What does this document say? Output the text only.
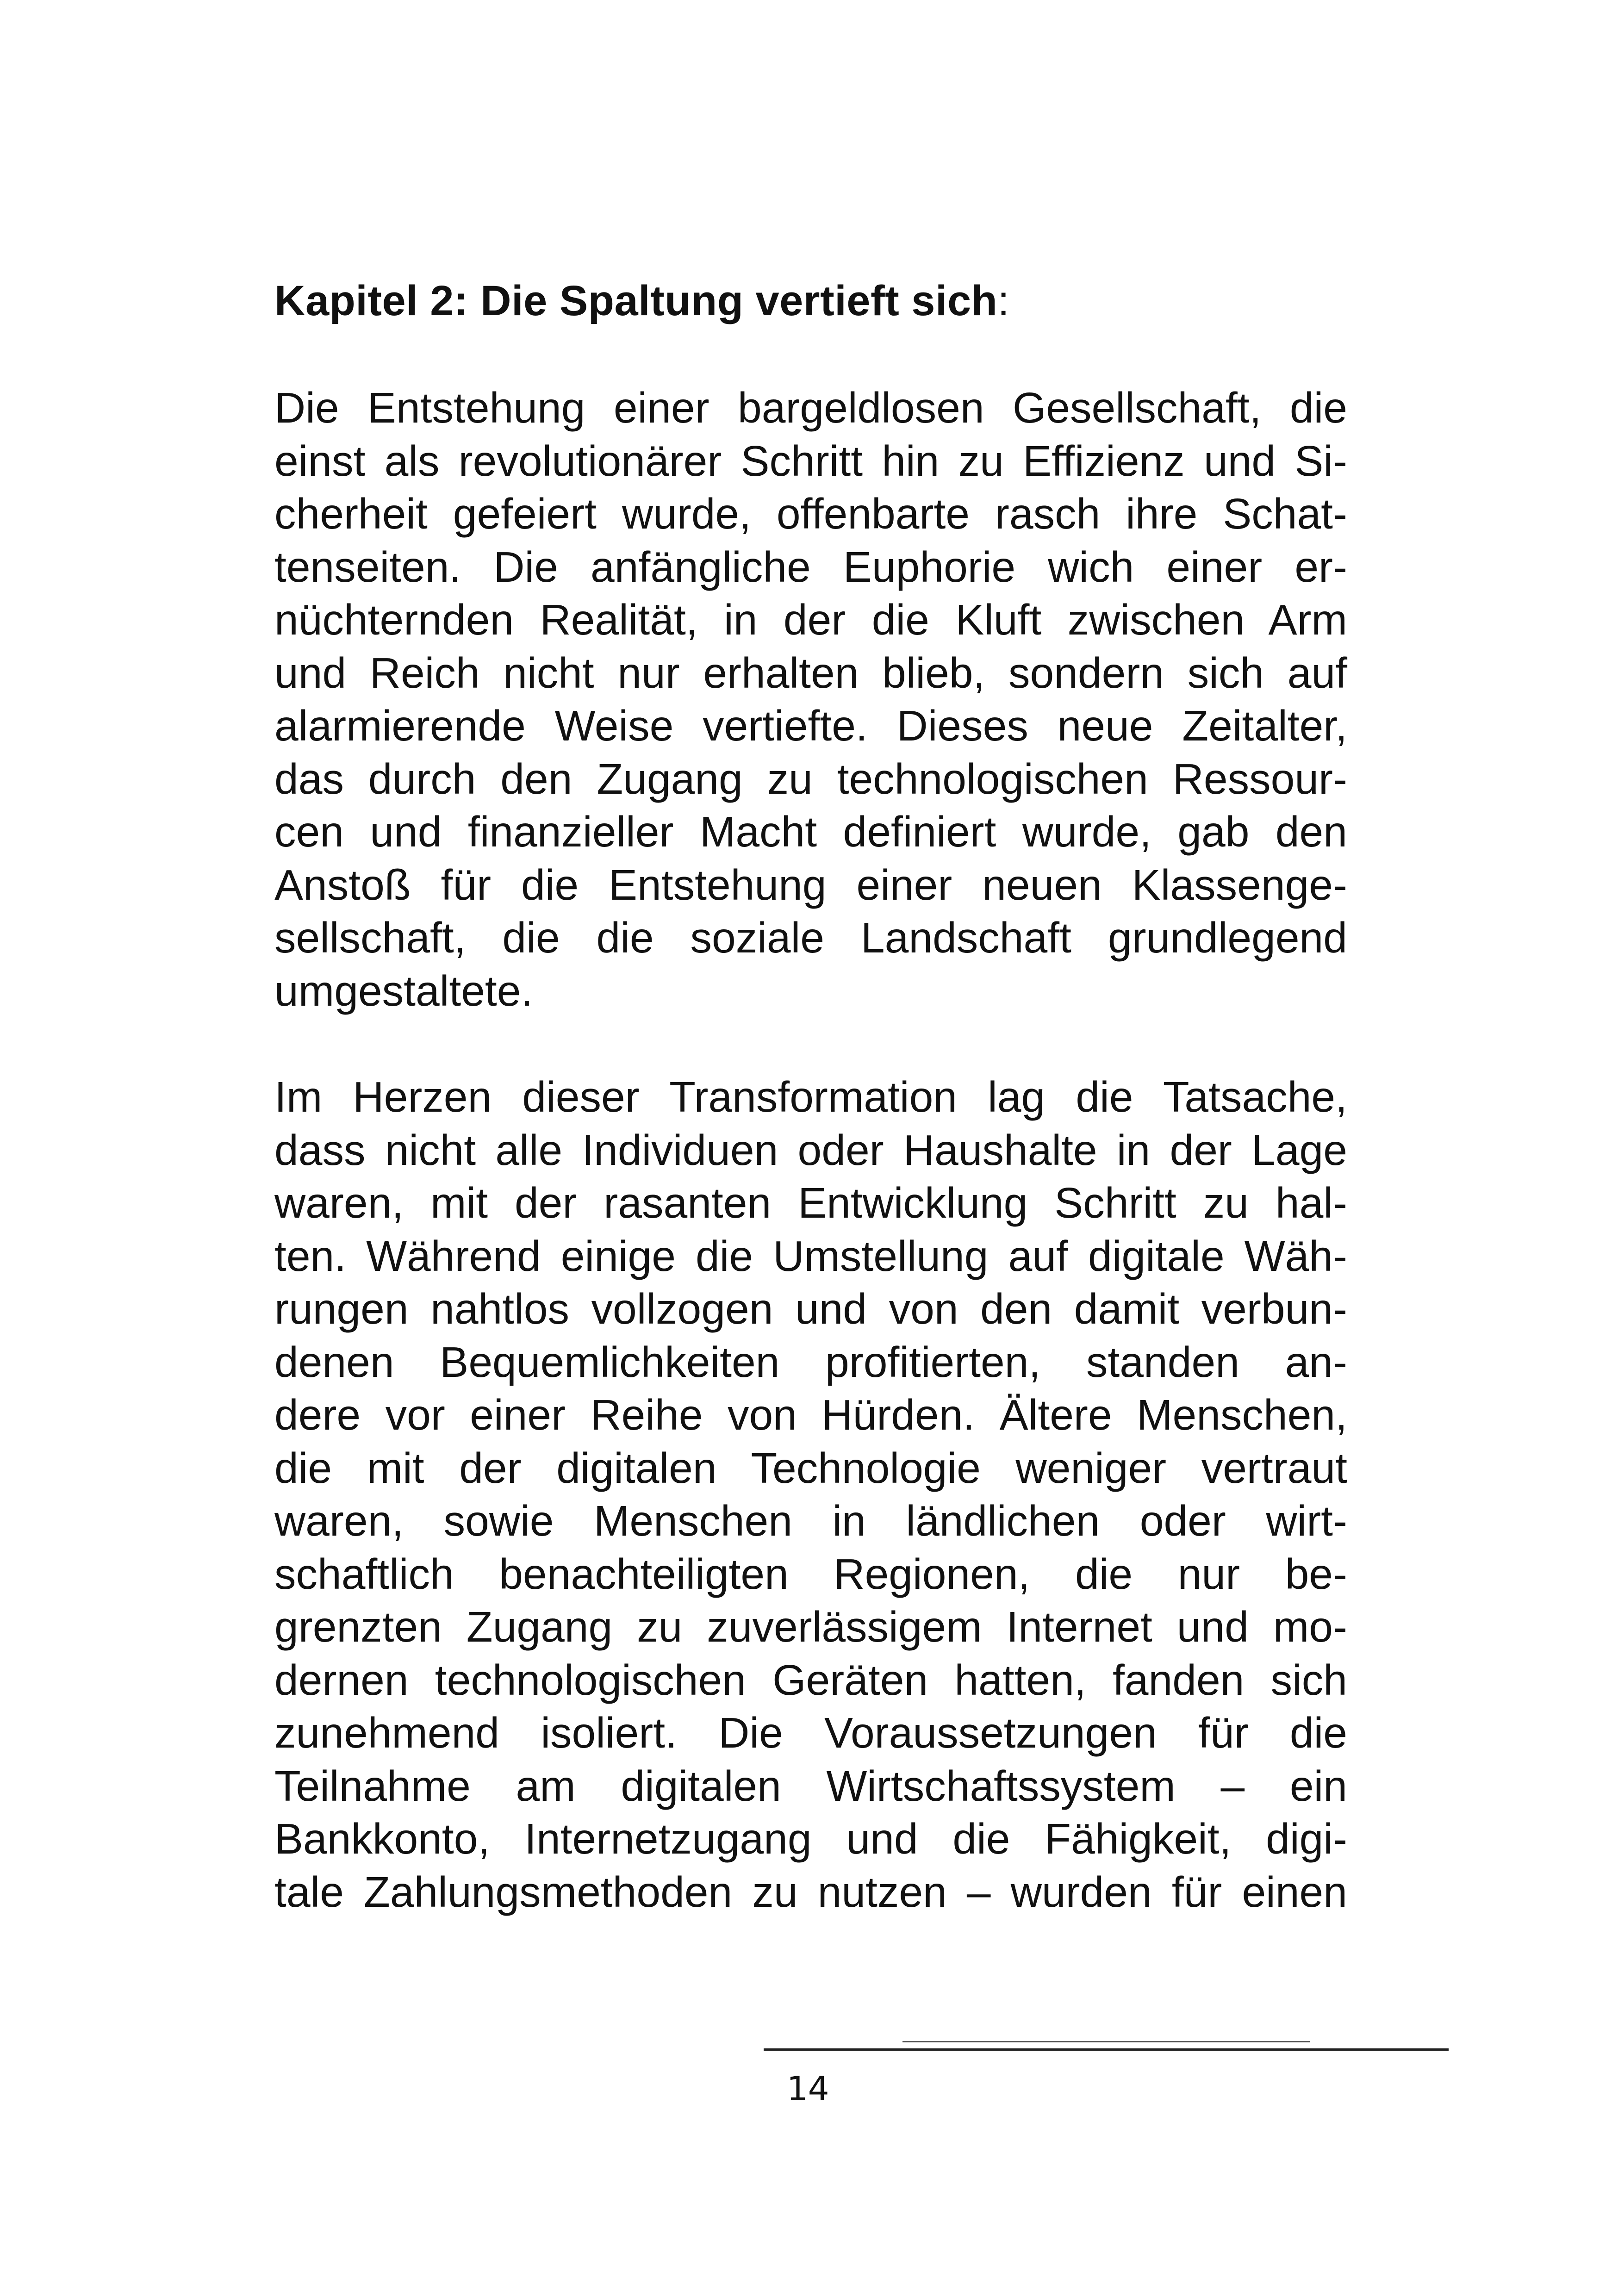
Kapitel 2: Die Spaltung vertieft sich:

Die Entstehung einer bargeldlosen Gesellschaft, die
einst als revolutionärer Schritt hin zu Effizienz und Si-
cherheit gefeiert wurde, offenbarte rasch ihre Schat-
tenseiten. Die anfängliche Euphorie wich einer er-
nüchternden Realität, in der die Kluft zwischen Arm
und Reich nicht nur erhalten blieb, sondern sich auf
alarmierende Weise vertiefte. Dieses neue Zeitalter,
das durch den Zugang zu technologischen Ressour-
cen und finanzieller Macht definiert wurde, gab den
Anstoß für die Entstehung einer neuen Klassenge-
sellschaft, die die soziale Landschaft grundlegend
umgestaltete.

Im Herzen dieser Transformation lag die Tatsache,
dass nicht alle Individuen oder Haushalte in der Lage
waren, mit der rasanten Entwicklung Schritt zu hal-
ten. Während einige die Umstellung auf digitale Wäh-
rungen nahtlos vollzogen und von den damit verbun-
denen Bequemlichkeiten profitierten, standen an-
dere vor einer Reihe von Hürden. Ältere Menschen,
die mit der digitalen Technologie weniger vertraut
waren, sowie Menschen in ländlichen oder wirt-
schaftlich benachteiligten Regionen, die nur be-
grenzten Zugang zu zuverlässigem Internet und mo-
dernen technologischen Geräten hatten, fanden sich
zunehmend isoliert. Die Voraussetzungen für die
Teilnahme am digitalen Wirtschaftssystem – ein
Bankkonto, Internetzugang und die Fähigkeit, digi-
tale Zahlungsmethoden zu nutzen – wurden für einen

14
